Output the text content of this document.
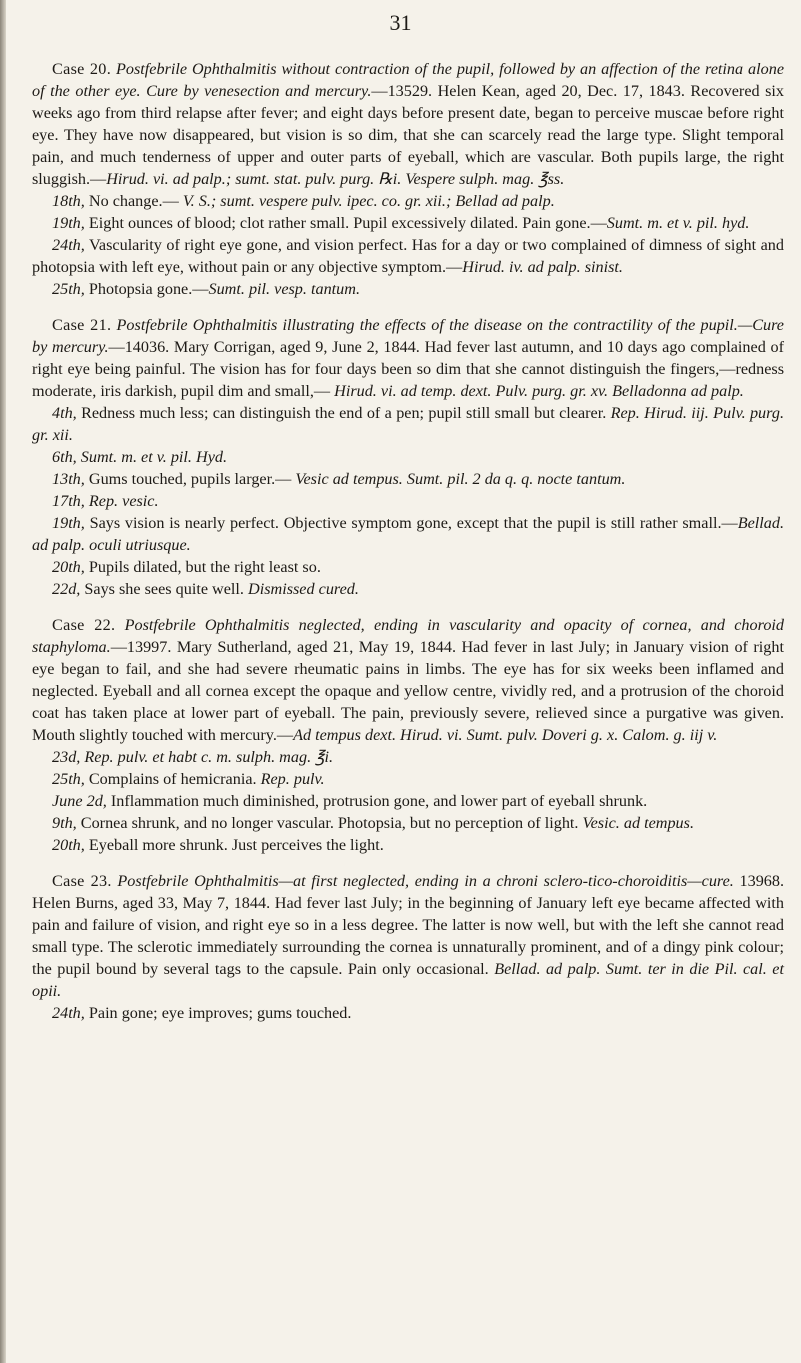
31

Case 20. Postfebrile Ophthalmitis without contraction of the pupil, followed by an affection of the retina alone of the other eye. Cure by venesection and mercury.—13529. Helen Kean, aged 20, Dec. 17, 1843. Recovered six weeks ago from third relapse after fever; and eight days before present date, began to perceive muscae before right eye. They have now disappeared, but vision is so dim, that she can scarcely read the large type. Slight temporal pain, and much tenderness of upper and outer parts of eyeball, which are vascular. Both pupils large, the right sluggish.—Hirud. vi. ad palp.; sumt. stat. pulv. purg. ℞i. Vespere sulph. mag. ℥ss.

18th, No change.— V. S.; sumt. vespere pulv. ipec. co. gr. xii.; Bellad ad palp.

19th, Eight ounces of blood; clot rather small. Pupil excessively dilated. Pain gone.—Sumt. m. et v. pil. hyd.

24th, Vascularity of right eye gone, and vision perfect. Has for a day or two complained of dimness of sight and photopsia with left eye, without pain or any objective symptom.—Hirud. iv. ad palp. sinist.

25th, Photopsia gone.—Sumt. pil. vesp. tantum.

Case 21. Postfebrile Ophthalmitis illustrating the effects of the disease on the contractility of the pupil.—Cure by mercury.—14036. Mary Corrigan, aged 9, June 2, 1844. Had fever last autumn, and 10 days ago complained of right eye being painful. The vision has for four days been so dim that she cannot distinguish the fingers,—redness moderate, iris darkish, pupil dim and small,— Hirud. vi. ad temp. dext. Pulv. purg. gr. xv. Belladonna ad palp.

4th, Redness much less; can distinguish the end of a pen; pupil still small but clearer. Rep. Hirud. iij. Pulv. purg. gr. xii.

6th, Sumt. m. et v. pil. Hyd.

13th, Gums touched, pupils larger.— Vesic ad tempus. Sumt. pil. 2 da q. q. nocte tantum.

17th, Rep. vesic.

19th, Says vision is nearly perfect. Objective symptom gone, except that the pupil is still rather small.—Bellad. ad palp. oculi utriusque.

20th, Pupils dilated, but the right least so.

22d, Says she sees quite well. Dismissed cured.

Case 22. Postfebrile Ophthalmitis neglected, ending in vascularity and opacity of cornea, and choroid staphyloma.—13997. Mary Sutherland, aged 21, May 19, 1844. Had fever in last July; in January vision of right eye began to fail, and she had severe rheumatic pains in limbs. The eye has for six weeks been inflamed and neglected. Eyeball and all cornea except the opaque and yellow centre, vividly red, and a protrusion of the choroid coat has taken place at lower part of eyeball. The pain, previously severe, relieved since a purgative was given. Mouth slightly touched with mercury.—Ad tempus dext. Hirud. vi. Sumt. pulv. Doveri g. x. Calom. g. iij v.

23d, Rep. pulv. et habt c. m. sulph. mag. ℥i.

25th, Complains of hemicrania. Rep. pulv.

June 2d, Inflammation much diminished, protrusion gone, and lower part of eyeball shrunk.

9th, Cornea shrunk, and no longer vascular. Photopsia, but no perception of light. Vesic. ad tempus.

20th, Eyeball more shrunk. Just perceives the light.

Case 23. Postfebrile Ophthalmitis—at first neglected, ending in a chroni sclero-tico-choroiditis—cure. 13968. Helen Burns, aged 33, May 7, 1844. Had fever last July; in the beginning of January left eye became affected with pain and failure of vision, and right eye so in a less degree. The latter is now well, but with the left she cannot read small type. The sclerotic immediately surrounding the cornea is unnaturally prominent, and of a dingy pink colour; the pupil bound by several tags to the capsule. Pain only occasional. Bellad. ad palp. Sumt. ter in die Pil. cal. et opii.

24th, Pain gone; eye improves; gums touched.
